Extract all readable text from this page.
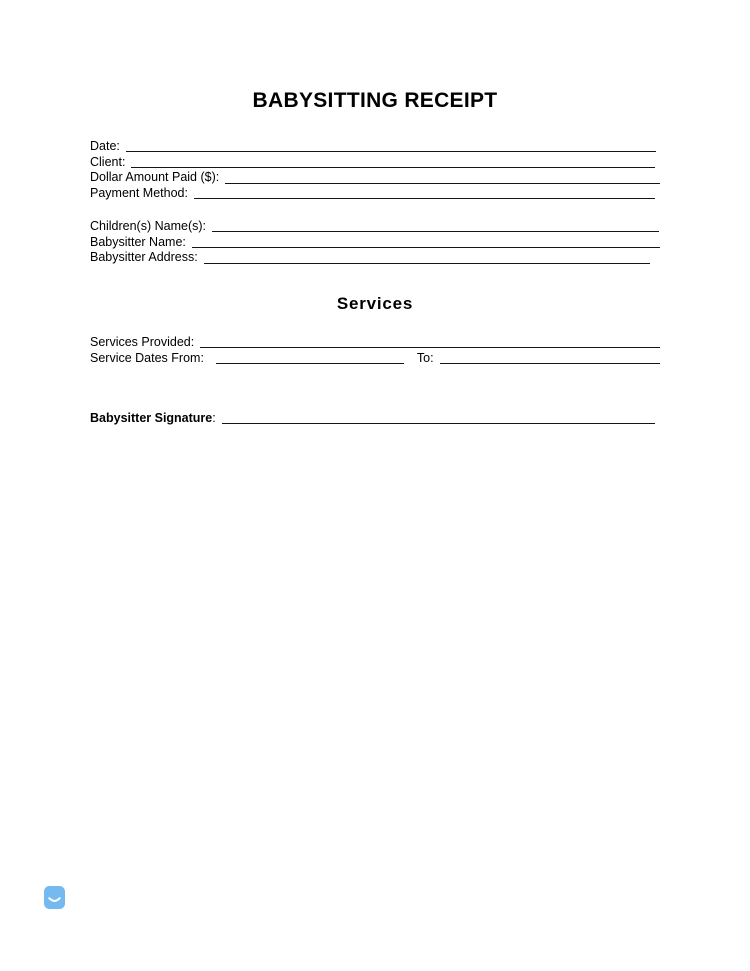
BABYSITTING RECEIPT
Date:
Client:
Dollar Amount Paid ($):
Payment Method:
Children(s) Name(s):
Babysitter Name:
Babysitter Address:
Services
Services Provided:
Service Dates From:	To:
Babysitter Signature :
